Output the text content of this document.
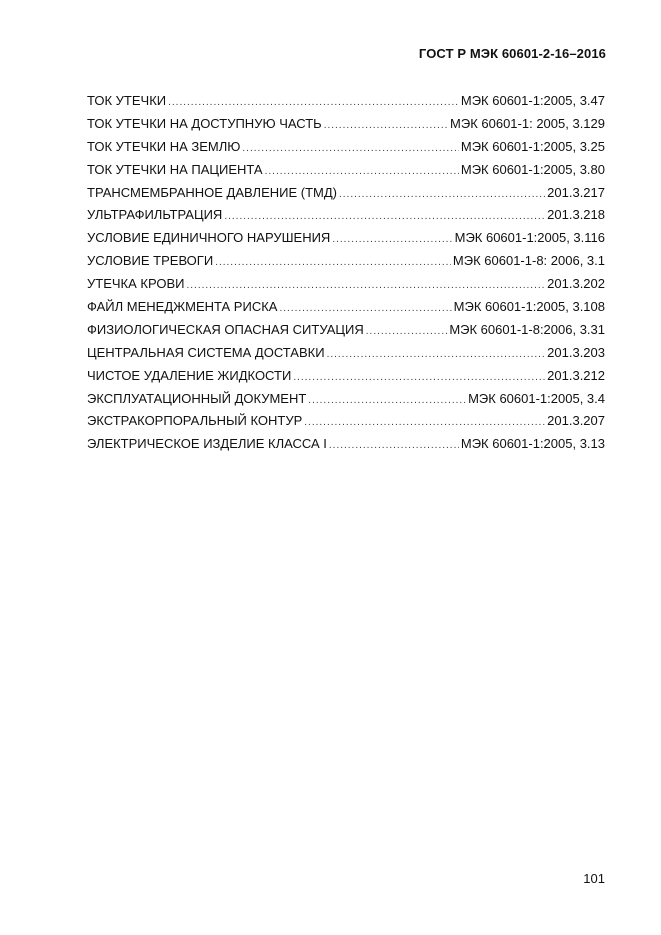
ГОСТ Р МЭК 60601-2-16–2016
ТОК УТЕЧКИ .....	МЭК 60601-1:2005, 3.47
ТОК УТЕЧКИ НА ДОСТУПНУЮ ЧАСТЬ .....	МЭК 60601-1: 2005, 3.129
ТОК УТЕЧКИ НА ЗЕМЛЮ .....	МЭК 60601-1:2005, 3.25
ТОК УТЕЧКИ НА ПАЦИЕНТА .....	МЭК 60601-1:2005, 3.80
ТРАНСМЕМБРАННОЕ ДАВЛЕНИЕ (ТМД) .....	201.3.217
УЛЬТРАФИЛЬТРАЦИЯ .....	201.3.218
УСЛОВИЕ ЕДИНИЧНОГО НАРУШЕНИЯ .....	МЭК 60601-1:2005, 3.116
УСЛОВИЕ ТРЕВОГИ .....	МЭК 60601-1-8: 2006, 3.1
УТЕЧКА КРОВИ .....	201.3.202
ФАЙЛ МЕНЕДЖМЕНТА РИСКА .....	МЭК 60601-1:2005, 3.108
ФИЗИОЛОГИЧЕСКАЯ ОПАСНАЯ СИТУАЦИЯ .....	МЭК 60601-1-8:2006, 3.31
ЦЕНТРАЛЬНАЯ СИСТЕМА ДОСТАВКИ .....	201.3.203
ЧИСТОЕ УДАЛЕНИЕ ЖИДКОСТИ .....	201.3.212
ЭКСПЛУАТАЦИОННЫЙ ДОКУМЕНТ .....	МЭК 60601-1:2005, 3.4
ЭКСТРАКОРПОРАЛЬНЫЙ КОНТУР .....	201.3.207
ЭЛЕКТРИЧЕСКОЕ ИЗДЕЛИЕ КЛАССА I .....	МЭК 60601-1:2005, 3.13
101
